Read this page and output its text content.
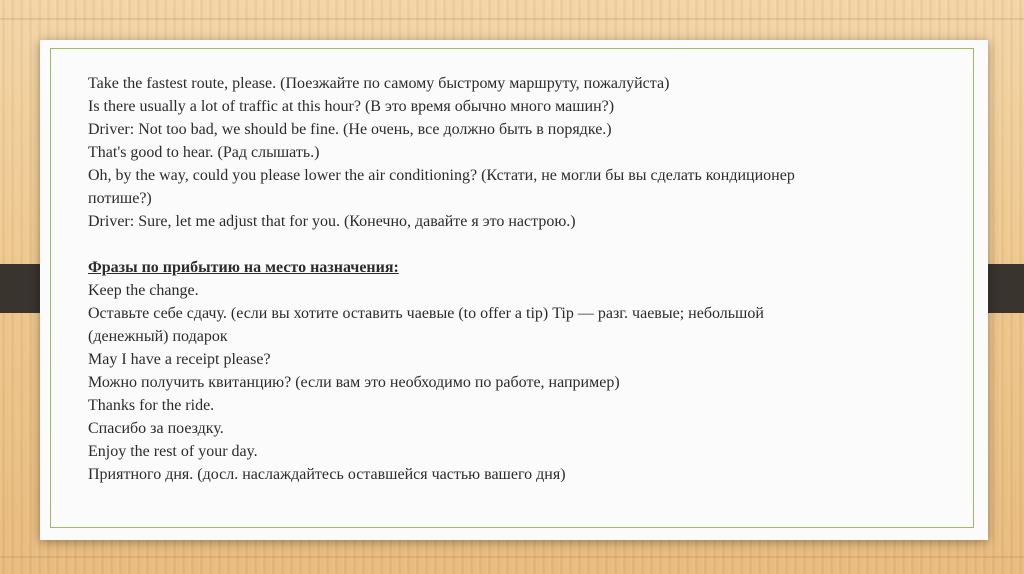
Take the fastest route, please. (Поезжайте по самому быстрому маршруту, пожалуйста)
Is there usually a lot of traffic at this hour? (В это время обычно много машин?)
Driver: Not too bad, we should be fine. (Не очень, все должно быть в порядке.)
That's good to hear. (Рад слышать.)
Oh, by the way, could you please lower the air conditioning? (Кстати, не могли бы вы сделать кондиционер
потише?)
Driver: Sure, let me adjust that for you. (Конечно, давайте я это настрою.)
Фразы по прибытию на место назначения:
Keep the change.
Оставьте себе сдачу. (если вы хотите оставить чаевые (to offer a tip) Tip — разг. чаевые; небольшой
(денежный) подарок
May I have a receipt please?
Можно получить квитанцию? (если вам это необходимо по работе, например)
Thanks for the ride.
Спасибо за поездку.
Enjoy the rest of your day.
Приятного дня. (досл. наслаждайтесь оставшейся частью вашего дня)
